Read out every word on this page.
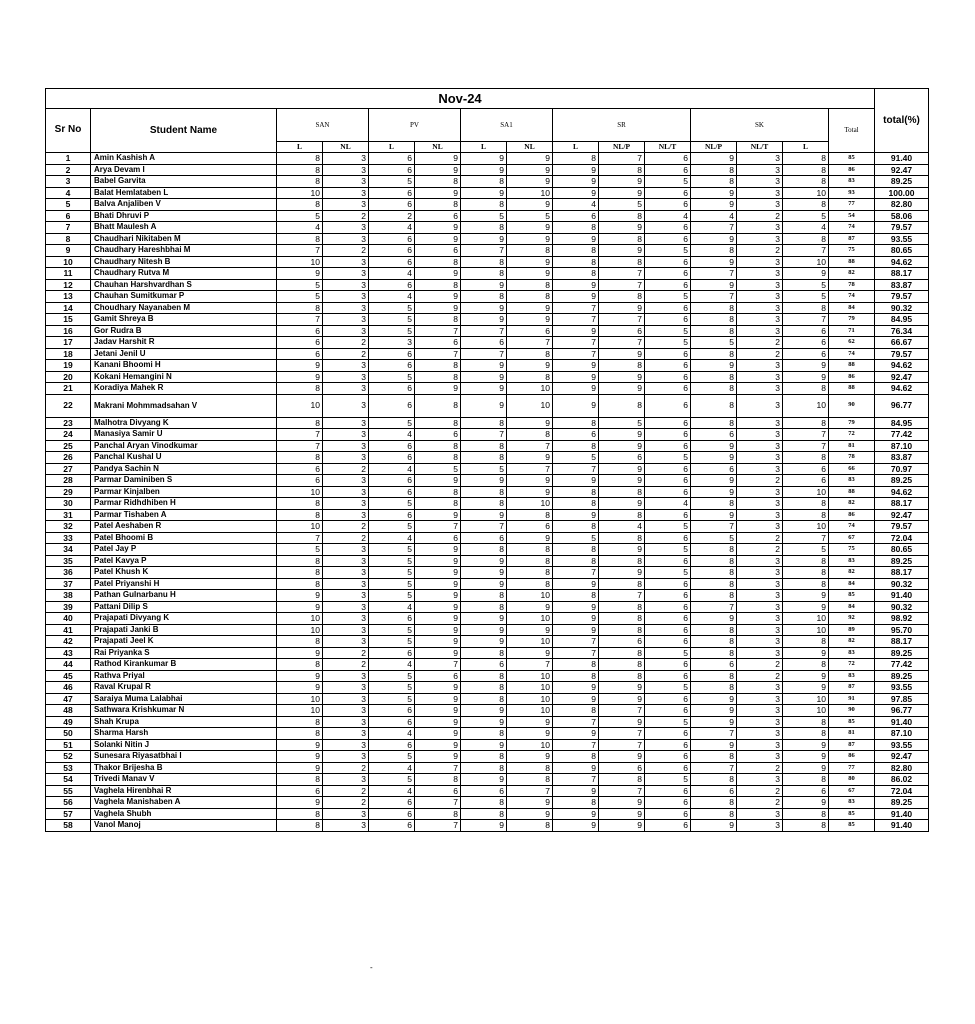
Nov-24															total(%)
Sr No	Student Name	SAN		PV		SA1		SR			SK			Total	
		L	NL	L	NL	L	NL	L	NL/P	NL/T	NL/P	NL/T	L		
1	Amin Kashish A	8	3	6	9	9	9	8	7	6	9	3	8	85	91.40
2	Arya Devam I	8	3	6	9	9	9	9	8	6	8	3	8	86	92.47
3	Babel Garvita	8	3	5	8	8	9	9	9	5	8	3	8	83	89.25
4	Balat Hemlataben L	10	3	6	9	9	10	9	9	6	9	3	10	93	100.00
5	Balva Anjaliben V	8	3	6	8	8	9	4	5	6	9	3	8	77	82.80
6	Bhati Dhruvi P	5	2	2	6	5	5	6	8	4	4	2	5	54	58.06
7	Bhatt Maulesh A	4	3	4	9	8	9	8	9	6	7	3	4	74	79.57
8	Chaudhari Nikitaben M	8	3	6	9	9	9	9	8	6	9	3	8	87	93.55
9	Chaudhary Hareshbhai M	7	2	6	6	7	8	8	9	5	8	2	7	75	80.65
10	Chaudhary Nitesh B	10	3	6	8	8	9	8	8	6	9	3	10	88	94.62
11	Chaudhary Rutva M	9	3	4	9	8	9	8	7	6	7	3	9	82	88.17
12	Chauhan Harshvardhan S	5	3	6	8	9	8	9	7	6	9	3	5	78	83.87
13	Chauhan Sumitkumar P	5	3	4	9	8	8	9	8	5	7	3	5	74	79.57
14	Choudhary Nayanaben M	8	3	5	9	9	9	7	9	6	8	3	8	84	90.32
15	Gamit Shreya B	7	3	5	8	9	9	7	7	6	8	3	7	79	84.95
16	Gor Rudra B	6	3	5	7	7	6	9	6	5	8	3	6	71	76.34
17	Jadav Harshit R	6	2	3	6	6	7	7	7	5	5	2	6	62	66.67
18	Jetani Jenil U	6	2	6	7	7	8	7	9	6	8	2	6	74	79.57
19	Kanani Bhoomi H	9	3	6	8	9	9	9	8	6	9	3	9	88	94.62
20	Kokani Hemangini N	9	3	5	8	9	8	9	9	6	8	3	9	86	92.47
21	Koradiya Mahek R	8	3	6	9	9	10	9	9	6	8	3	8	88	94.62
22	Makrani Mohmmadsahan V	10	3	6	8	9	10	9	8	6	8	3	10	90	96.77
23	Malhotra Divyang K	8	3	5	8	8	9	8	5	6	8	3	8	79	84.95
24	Manasiya Samir U	7	3	4	6	7	8	6	9	6	6	3	7	72	77.42
25	Panchal Aryan Vinodkumar	7	3	6	8	8	7	8	9	6	9	3	7	81	87.10
26	Panchal Kushal U	8	3	6	8	8	9	5	6	5	9	3	8	78	83.87
27	Pandya Sachin N	6	2	4	5	5	7	7	9	6	6	3	6	66	70.97
28	Parmar Daminiben S	6	3	6	9	9	9	9	9	6	9	2	6	83	89.25
29	Parmar Kinjalben	10	3	6	8	8	9	8	8	6	9	3	10	88	94.62
30	Parmar Ridhdhiben H	8	3	5	8	8	10	8	9	4	8	3	8	82	88.17
31	Parmar Tishaben A	8	3	6	9	9	8	9	8	6	9	3	8	86	92.47
32	Patel Aeshaben R	10	2	5	7	7	6	8	4	5	7	3	10	74	79.57
33	Patel Bhoomi B	7	2	4	6	6	9	5	8	6	5	2	7	67	72.04
34	Patel Jay P	5	3	5	9	8	8	8	9	5	8	2	5	75	80.65
35	Patel Kavya P	8	3	5	9	9	8	8	8	6	8	3	8	83	89.25
36	Patel Khush K	8	3	5	9	9	8	7	9	5	8	3	8	82	88.17
37	Patel Priyanshi H	8	3	5	9	9	8	9	8	6	8	3	8	84	90.32
38	Pathan Gulnarbanu H	9	3	5	9	8	10	8	7	6	8	3	9	85	91.40
39	Pattani Dilip S	9	3	4	9	8	9	9	8	6	7	3	9	84	90.32
40	Prajapati Divyang K	10	3	6	9	9	10	9	8	6	9	3	10	92	98.92
41	Prajapati Janki B	10	3	5	9	9	9	9	8	6	8	3	10	89	95.70
42	Prajapati Jeel K	8	3	5	9	9	10	7	6	6	8	3	8	82	88.17
43	Rai Priyanka S	9	2	6	9	8	9	7	8	5	8	3	9	83	89.25
44	Rathod Kirankumar B	8	2	4	7	6	7	8	8	6	6	2	8	72	77.42
45	Rathva Priyal	9	3	5	6	8	10	8	8	6	8	2	9	83	89.25
46	Raval Krupal R	9	3	5	9	8	10	9	9	5	8	3	9	87	93.55
47	Saraiya Muma Lalabhai	10	3	5	9	8	10	9	9	6	9	3	10	91	97.85
48	Sathwara Krishkumar N	10	3	6	9	9	10	8	7	6	9	3	10	90	96.77
49	Shah Krupa	8	3	6	9	9	9	7	9	5	9	3	8	85	91.40
50	Sharma Harsh	8	3	4	9	8	9	9	7	6	7	3	8	81	87.10
51	Solanki Nitin J	9	3	6	9	9	10	7	7	6	9	3	9	87	93.55
52	Sunesara Riyasatbhai I	9	3	5	9	8	9	8	9	6	8	3	9	86	92.47
53	Thakor Brijesha B	9	2	4	7	8	8	9	6	6	7	2	9	77	82.80
54	Trivedi Manav V	8	3	5	8	9	8	7	8	5	8	3	8	80	86.02
55	Vaghela Hirenbhai R	6	2	4	6	6	7	9	7	6	6	2	6	67	72.04
56	Vaghela Manishaben A	9	2	6	7	8	9	8	9	6	8	2	9	83	89.25
57	Vaghela Shubh	8	3	6	8	8	9	9	9	6	8	3	8	85	91.40
58	Vanol Manoj	8	3	6	7	9	8	9	9	6	9	3	8	85	91.40
-
